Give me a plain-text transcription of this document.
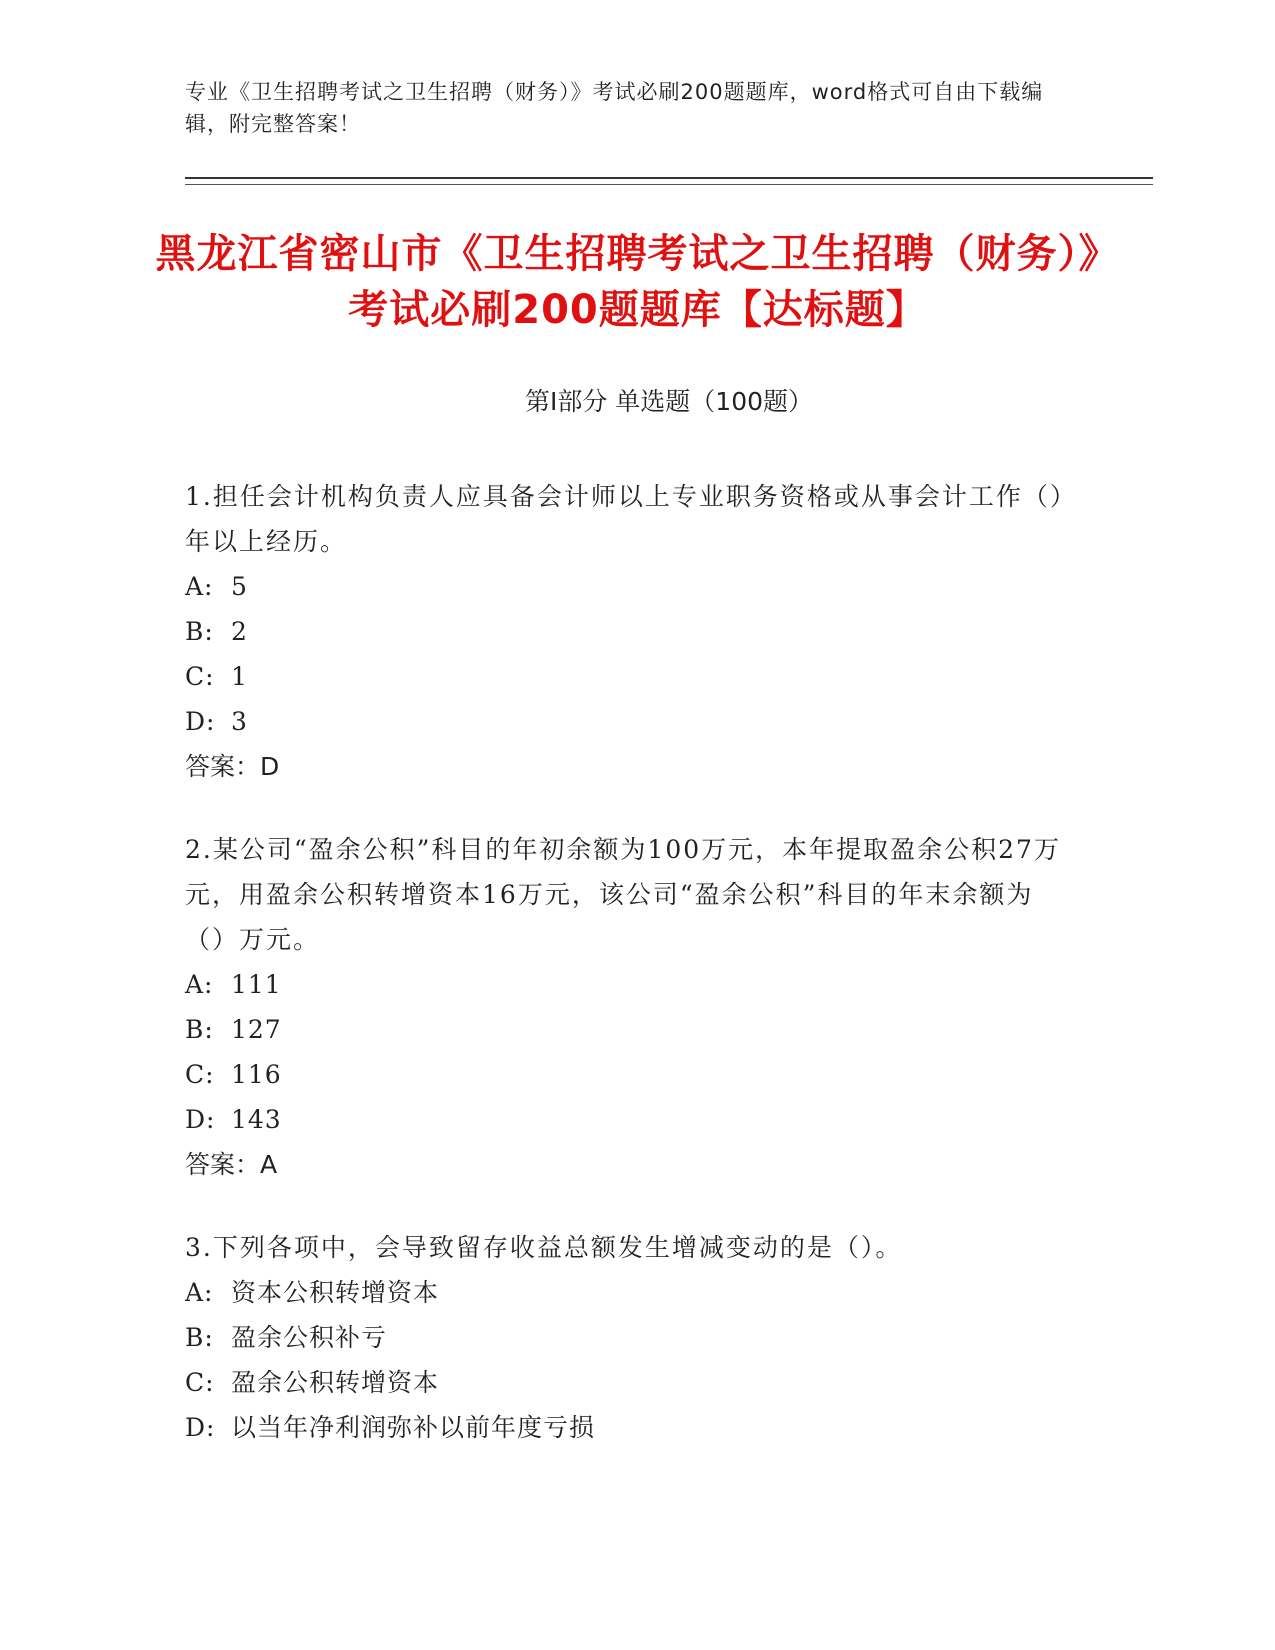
专业《卫生招聘考试之卫生招聘（财务）》考试必刷200题题库，word格式可自由下载编辑，附完整答案！
黑龙江省密山市《卫生招聘考试之卫生招聘（财务）》考试必刷200题题库【达标题】
第Ⅰ部分 单选题（100题）

1.担任会计机构负责人应具备会计师以上专业职务资格或从事会计工作（）年以上经历。

A: 5

B: 2

C: 1

D: 3

答案：D

2.某公司“盈余公积”科目的年初余额为100万元，本年提取盈余公积27万元，用盈余公积转增资本16万元，该公司“盈余公积”科目的年末余额为（）万元。

A: 111

B: 127

C: 116

D: 143

答案：A

3.下列各项中，会导致留存收益总额发生增减变动的是（）。

A: 资本公积转增资本

B: 盈余公积补亏

C: 盈余公积转增资本

D: 以当年净利润弥补以前年度亏损
